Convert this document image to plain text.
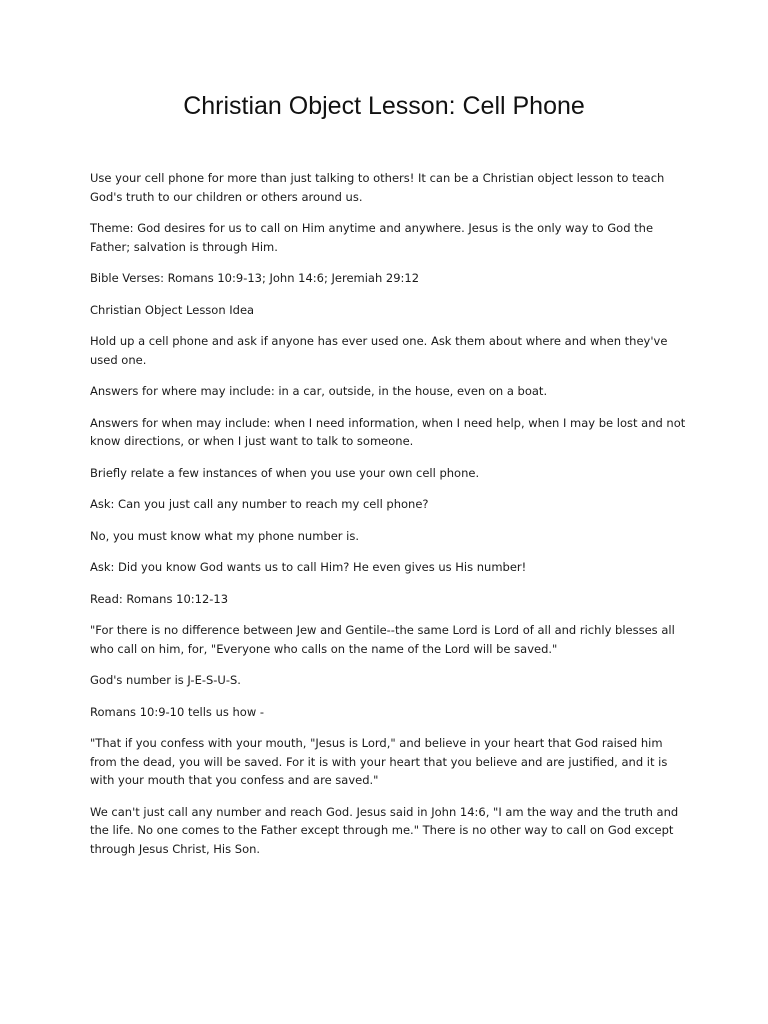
Christian Object Lesson: Cell Phone

Use your cell phone for more than just talking to others! It can be a Christian object lesson to teach God's truth to our children or others around us.

Theme: God desires for us to call on Him anytime and anywhere. Jesus is the only way to God the Father; salvation is through Him.

Bible Verses: Romans 10:9-13; John 14:6; Jeremiah 29:12

Christian Object Lesson Idea

Hold up a cell phone and ask if anyone has ever used one. Ask them about where and when they've used one.

Answers for where may include: in a car, outside, in the house, even on a boat.

Answers for when may include: when I need information, when I need help, when I may be lost and not know directions, or when I just want to talk to someone.

Briefly relate a few instances of when you use your own cell phone.

Ask: Can you just call any number to reach my cell phone?

No, you must know what my phone number is.

Ask: Did you know God wants us to call Him? He even gives us His number!

Read: Romans 10:12-13

"For there is no difference between Jew and Gentile--the same Lord is Lord of all and richly blesses all who call on him, for, "Everyone who calls on the name of the Lord will be saved."

God's number is J-E-S-U-S.

Romans 10:9-10 tells us how -

"That if you confess with your mouth, "Jesus is Lord," and believe in your heart that God raised him from the dead, you will be saved. For it is with your heart that you believe and are justified, and it is with your mouth that you confess and are saved."

We can't just call any number and reach God. Jesus said in John 14:6, "I am the way and the truth and the life. No one comes to the Father except through me." There is no other way to call on God except through Jesus Christ, His Son.
